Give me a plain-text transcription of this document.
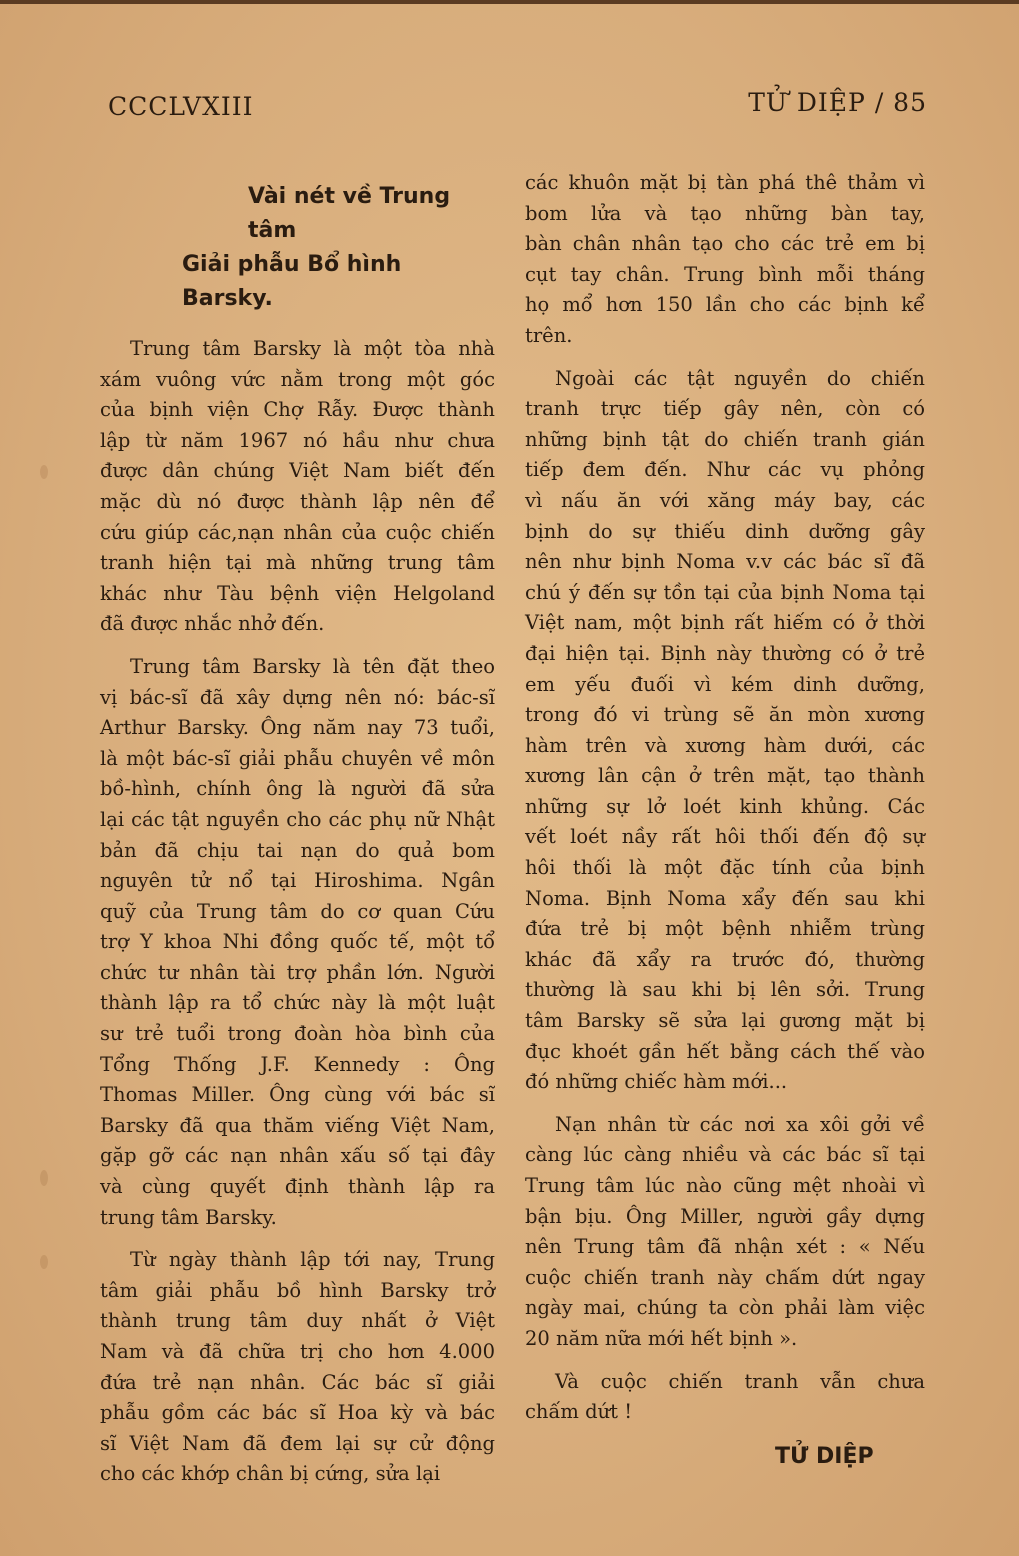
CCCLVXIII	TỬ DIỆP / 85
Vài nét về Trung tâm
Giải phẫu Bổ hình Barsky.
Trung tâm Barsky là một tòa nhà
xám vuông vức nằm trong một góc
của bịnh viện Chợ Rẫy. Được thành
lập từ năm 1967 nó hầu như chưa
được dân chúng Việt Nam biết đến
mặc dù nó được thành lập nên để
cứu giúp các,nạn nhân của cuộc chiến
tranh hiện tại mà những trung tâm
khác như Tàu bệnh viện Helgoland
đã được nhắc nhở đến.
Trung tâm Barsky là tên đặt theo
vị bác-sĩ đã xây dựng nên nó: bác-sĩ
Arthur Barsky. Ông năm nay 73 tuổi,
là một bác-sĩ giải phẫu chuyên về môn
bồ-hình, chính ông là người đã sửa
lại các tật nguyền cho các phụ nữ Nhật
bản đã chịu tai nạn do quả bom
nguyên tử nổ tại Hiroshima. Ngân
quỹ của Trung tâm do cơ quan Cứu
trợ Y khoa Nhi đồng quốc tế, một tổ
chức tư nhân tài trợ phần lớn. Người
thành lập ra tổ chức này là một luật
sư trẻ tuổi trong đoàn hòa bình của
Tổng Thống J.F. Kennedy : Ông
Thomas Miller. Ông cùng với bác sĩ
Barsky đã qua thăm viếng Việt Nam,
gặp gỡ các nạn nhân xấu số tại đây
và cùng quyết định thành lập ra
trung tâm Barsky.
Từ ngày thành lập tới nay, Trung
tâm giải phẫu bồ hình Barsky trở
thành trung tâm duy nhất ở Việt
Nam và đã chữa trị cho hơn 4.000
đứa trẻ nạn nhân. Các bác sĩ giải
phẫu gồm các bác sĩ Hoa kỳ và bác
sĩ Việt Nam đã đem lại sự cử động
cho các khớp chân bị cứng, sửa lại
các khuôn mặt bị tàn phá thê thảm vì
bom lửa và tạo những bàn tay,
bàn chân nhân tạo cho các trẻ em bị
cụt tay chân. Trung bình mỗi tháng
họ mổ hơn 150 lần cho các bịnh kể
trên.
Ngoài các tật nguyền do chiến
tranh trực tiếp gây nên, còn có
những bịnh tật do chiến tranh gián
tiếp đem đến. Như các vụ phỏng
vì nấu ăn với xăng máy bay, các
bịnh do sự thiếu dinh dưỡng gây
nên như bịnh Noma v.v các bác sĩ đã
chú ý đến sự tồn tại của bịnh Noma tại
Việt nam, một bịnh rất hiếm có ở thời
đại hiện tại. Bịnh này thường có ở trẻ
em yếu đuối vì kém dinh dưỡng,
trong đó vi trùng sẽ ăn mòn xương
hàm trên và xương hàm dưới, các
xương lân cận ở trên mặt, tạo thành
những sự lở loét kinh khủng. Các
vết loét nầy rất hôi thối đến độ sự
hôi thối là một đặc tính của bịnh
Noma. Bịnh Noma xẩy đến sau khi
đứa trẻ bị một bệnh nhiễm trùng
khác đã xẩy ra trước đó, thường
thường là sau khi bị lên sởi. Trung
tâm Barsky sẽ sửa lại gương mặt bị
đục khoét gần hết bằng cách thế vào
đó những chiếc hàm mới...
Nạn nhân từ các nơi xa xôi gởi về
càng lúc càng nhiều và các bác sĩ tại
Trung tâm lúc nào cũng mệt nhoài vì
bận bịu. Ông Miller, người gầy dựng
nên Trung tâm đã nhận xét : « Nếu
cuộc chiến tranh này chấm dứt ngay
ngày mai, chúng ta còn phải làm việc
20 năm nữa mới hết bịnh ».
Và cuộc chiến tranh vẫn chưa
chấm dứt !
TỬ DIỆP
